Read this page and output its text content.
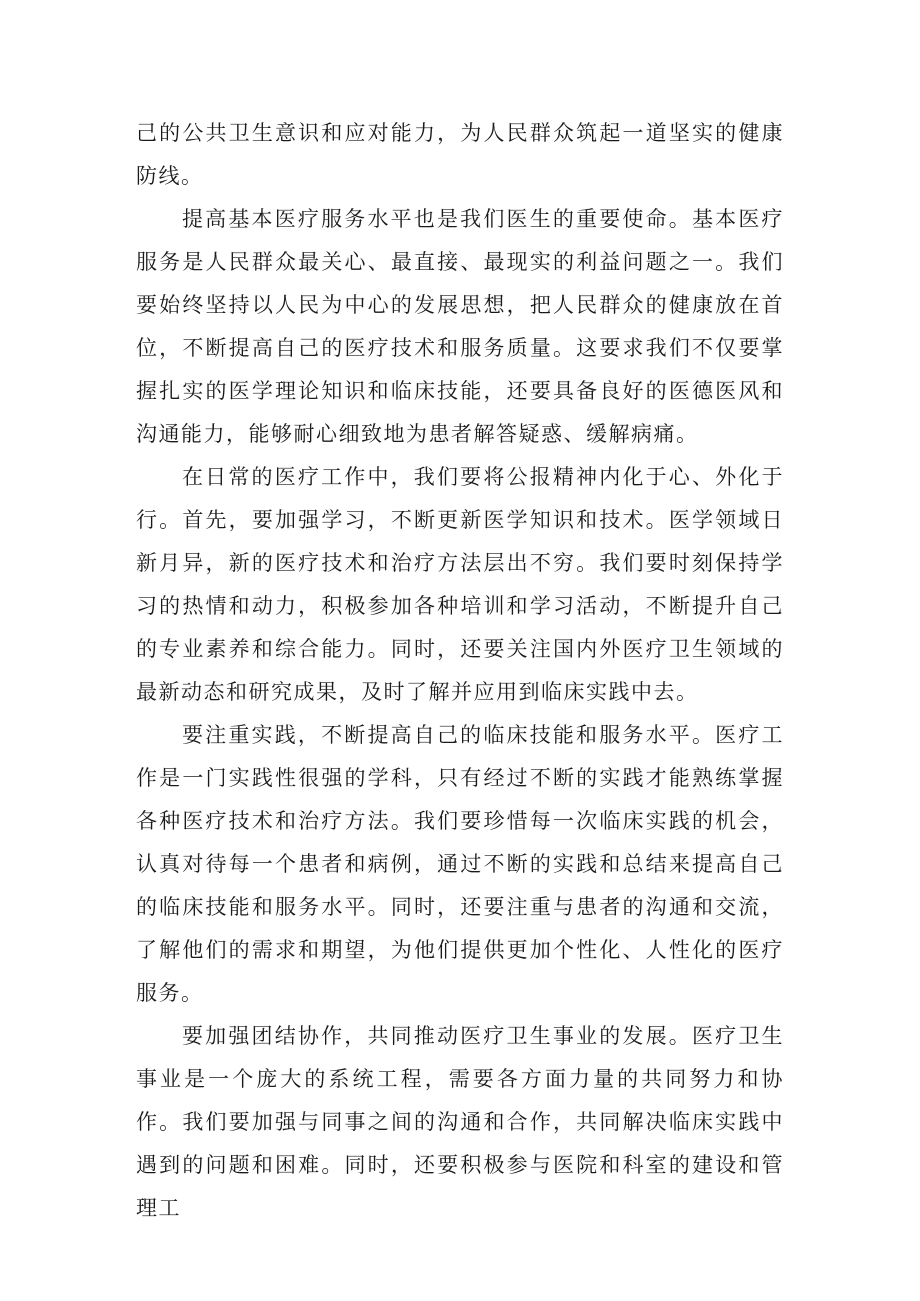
己的公共卫生意识和应对能力，为人民群众筑起一道坚实的健康防线。

提高基本医疗服务水平也是我们医生的重要使命。基本医疗服务是人民群众最关心、最直接、最现实的利益问题之一。我们要始终坚持以人民为中心的发展思想，把人民群众的健康放在首位，不断提高自己的医疗技术和服务质量。这要求我们不仅要掌握扎实的医学理论知识和临床技能，还要具备良好的医德医风和沟通能力，能够耐心细致地为患者解答疑惑、缓解病痛。

在日常的医疗工作中，我们要将公报精神内化于心、外化于行。首先，要加强学习，不断更新医学知识和技术。医学领域日新月异，新的医疗技术和治疗方法层出不穷。我们要时刻保持学习的热情和动力，积极参加各种培训和学习活动，不断提升自己的专业素养和综合能力。同时，还要关注国内外医疗卫生领域的最新动态和研究成果，及时了解并应用到临床实践中去。

要注重实践，不断提高自己的临床技能和服务水平。医疗工作是一门实践性很强的学科，只有经过不断的实践才能熟练掌握各种医疗技术和治疗方法。我们要珍惜每一次临床实践的机会，认真对待每一个患者和病例，通过不断的实践和总结来提高自己的临床技能和服务水平。同时，还要注重与患者的沟通和交流，了解他们的需求和期望，为他们提供更加个性化、人性化的医疗服务。

要加强团结协作，共同推动医疗卫生事业的发展。医疗卫生事业是一个庞大的系统工程，需要各方面力量的共同努力和协作。我们要加强与同事之间的沟通和合作，共同解决临床实践中遇到的问题和困难。同时，还要积极参与医院和科室的建设和管理工
